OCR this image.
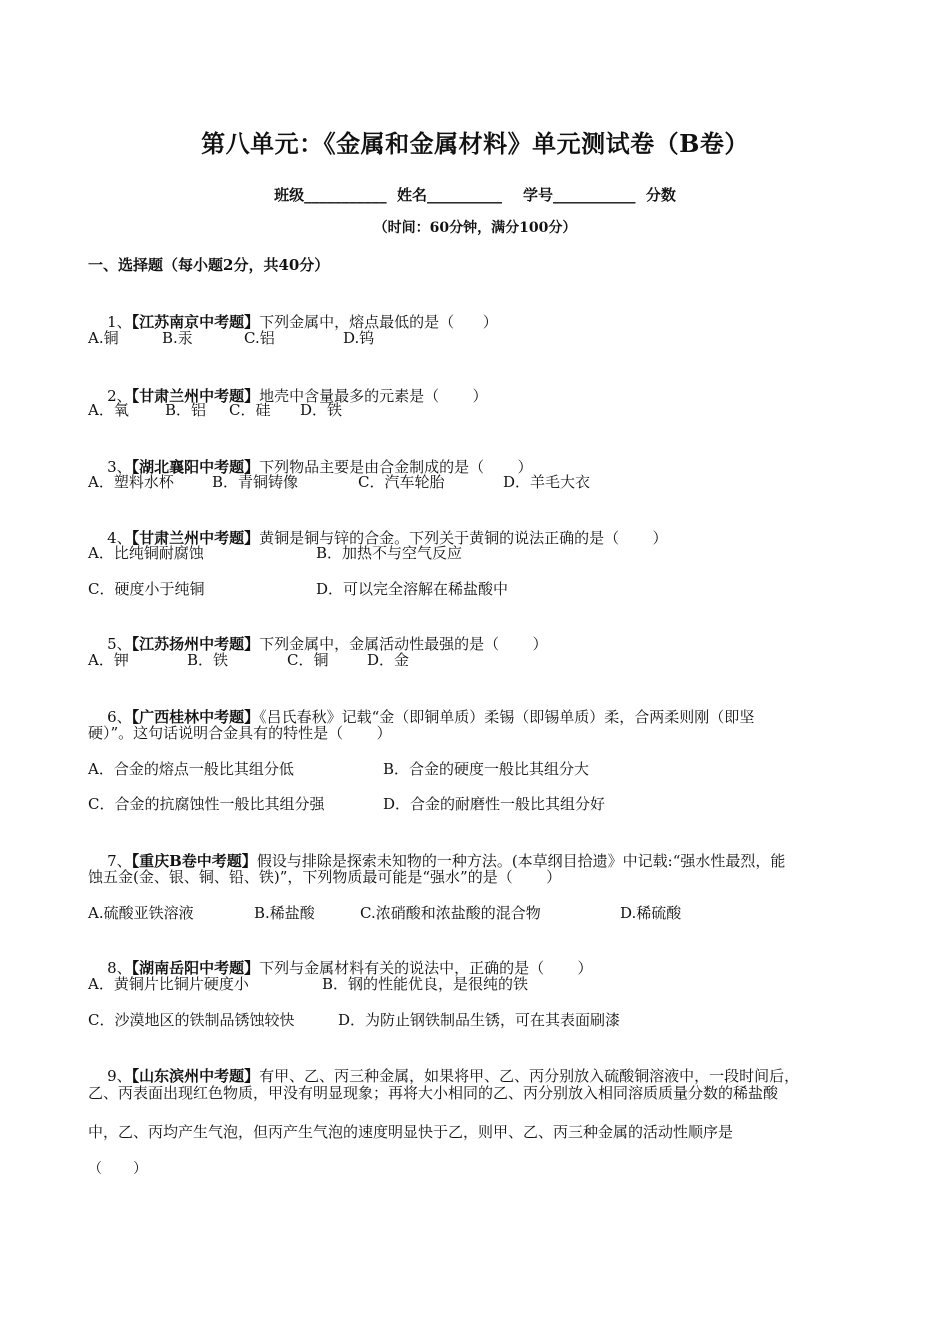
第八单元：《金属和金属材料》单元测试卷（B卷）
班级___________  姓名__________    学号___________  分数
（时间：60分钟，满分100分）
一、选择题（每小题2分，共40分）

1、【江苏南京中考题】下列金属中，熔点最低的是（      ）

A.铜	B.汞	C.铝	D.钨

2、【甘肃兰州中考题】地壳中含量最多的元素是（       ）

A．氧 B．铝 C．硅 D．铁

3、【湖北襄阳中考题】下列物品主要是由合金制成的是（       ）

A．塑料水杯	B．青铜铸像	C．汽车轮胎	D．羊毛大衣

4、【甘肃兰州中考题】黄铜是铜与锌的合金。下列关于黄铜的说法正确的是（       ）

A．比纯铜耐腐蚀	B．加热不与空气反应
C．硬度小于纯铜	D．可以完全溶解在稀盐酸中

5、【江苏扬州中考题】下列金属中，金属活动性最强的是（       ）

A．钾	B．铁	C．铜	D．金

6、【广西桂林中考题】《吕氏春秋》记载“金（即铜单质）柔锡（即锡单质）柔，合两柔则刚（即坚

硬）”。这句话说明合金具有的特性是（       ）
A．合金的熔点一般比其组分低	B．合金的硬度一般比其组分大
C．合金的抗腐蚀性一般比其组分强	D．合金的耐磨性一般比其组分好

7、【重庆B卷中考题】假设与排除是探索未知物的一种方法。(本草纲目拾遗》中记载:“强水性最烈，能

蚀五金(金、银、铜、铅、铁)”，下列物质最可能是“强水”的是（       ）
A.硫酸亚铁溶液	B.稀盐酸	C.浓硝酸和浓盐酸的混合物	D.稀硫酸

8、【湖南岳阳中考题】下列与金属材料有关的说法中，正确的是（       ）

A．黄铜片比铜片硬度小	B．钢的性能优良，是很纯的铁
C．沙漠地区的铁制品锈蚀较快	D．为防止钢铁制品生锈，可在其表面刷漆

9、【山东滨州中考题】有甲、乙、丙三种金属，如果将甲、乙、丙分别放入硫酸铜溶液中，一段时间后，

乙、丙表面出现红色物质，甲没有明显现象；再将大小相同的乙、丙分别放入相同溶质质量分数的稀盐酸
中，乙、丙均产生气泡，但丙产生气泡的速度明显快于乙，则甲、乙、丙三种金属的活动性顺序是
（       ）
